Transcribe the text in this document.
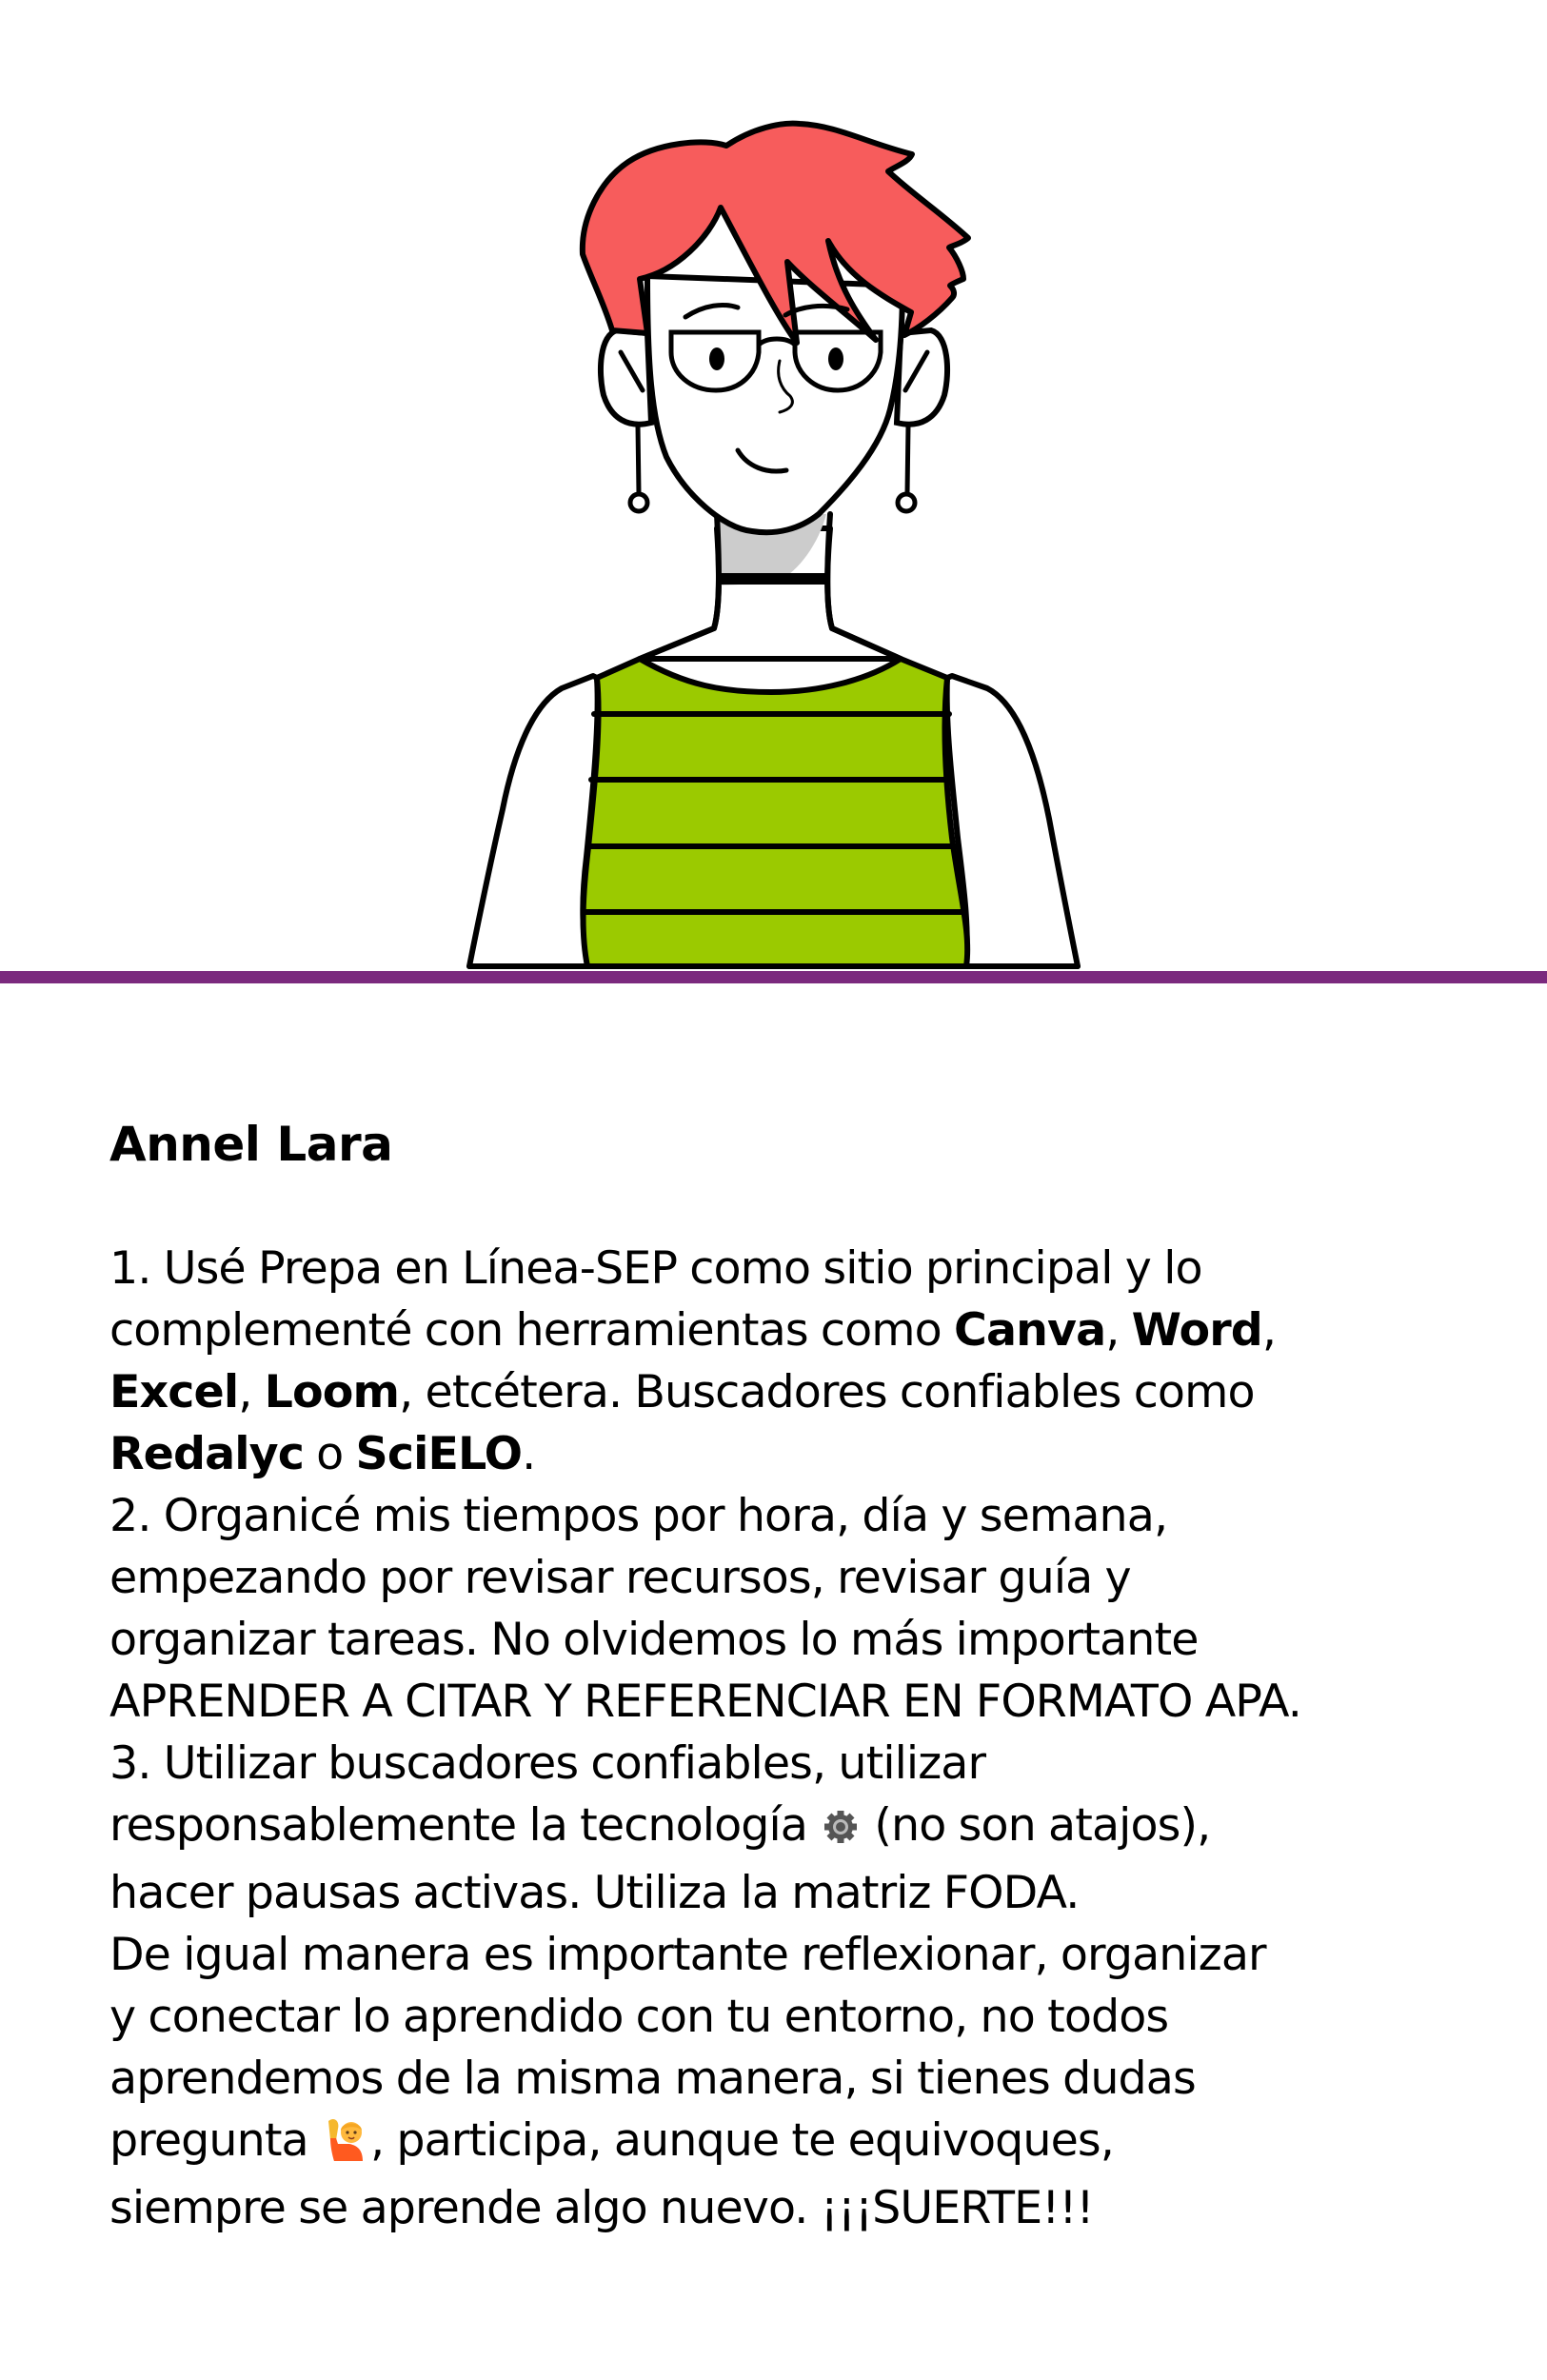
Annel Lara

1. Usé Prepa en Línea-SEP como sitio principal y lo
complementé con herramientas como Canva, Word,
Excel, Loom, etcétera. Buscadores confiables como
Redalyc o SciELO.
2. Organicé mis tiempos por hora, día y semana,
empezando por revisar recursos, revisar guía y
organizar tareas. No olvidemos lo más importante
APRENDER A CITAR Y REFERENCIAR EN FORMATO APA.
3. Utilizar buscadores confiables, utilizar
responsablemente la tecnología  (no son atajos),
hacer pausas activas. Utiliza la matriz FODA.
De igual manera es importante reflexionar, organizar
y conectar lo aprendido con tu entorno, no todos
aprendemos de la misma manera, si tienes dudas
pregunta , participa, aunque te equivoques,
siempre se aprende algo nuevo. ¡¡¡SUERTE!!!
